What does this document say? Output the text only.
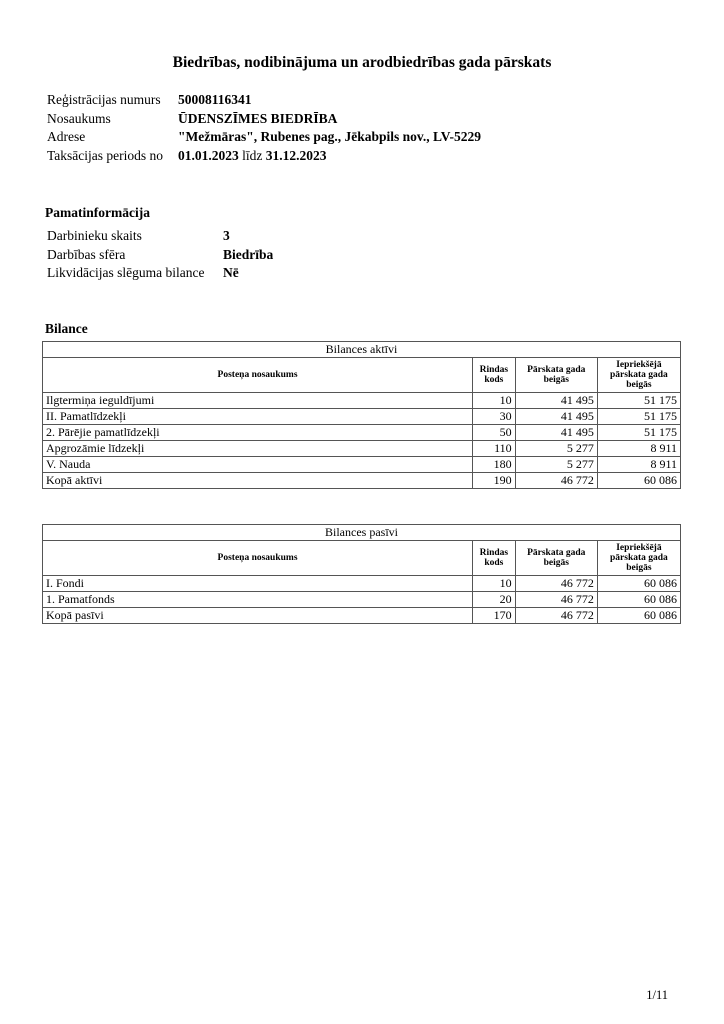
Biedrības, nodibinājuma un arodbiedrības gada pārskats
Reģistrācijas numurs	50008116341
Nosaukums	ŪDENSZĪMES BIEDRĪBA
Adrese	"Mežmāras", Rubenes pag., Jēkabpils nov., LV-5229
Taksācijas periods no	01.01.2023 līdz 31.12.2023
Pamatinformācija
Darbinieku skaits	3
Darbības sfēra	Biedrība
Likvidācijas slēguma bilance	Nē
Bilance
Bilances aktīvi			
Posteņa nosaukums	Rindas kods	Pārskata gada beigās	Iepriekšējā pārskata gada beigās
Ilgtermiņa ieguldījumi	10	41 495	51 175
II. Pamatlīdzekļi	30	41 495	51 175
2. Pārējie pamatlīdzekļi	50	41 495	51 175
Apgrozāmie līdzekļi	110	5 277	8 911
V. Nauda	180	5 277	8 911
Kopā aktīvi	190	46 772	60 086
Bilances pasīvi			
Posteņa nosaukums	Rindas kods	Pārskata gada beigās	Iepriekšējā pārskata gada beigās
I. Fondi	10	46 772	60 086
1. Pamatfonds	20	46 772	60 086
Kopā pasīvi	170	46 772	60 086
1/11
